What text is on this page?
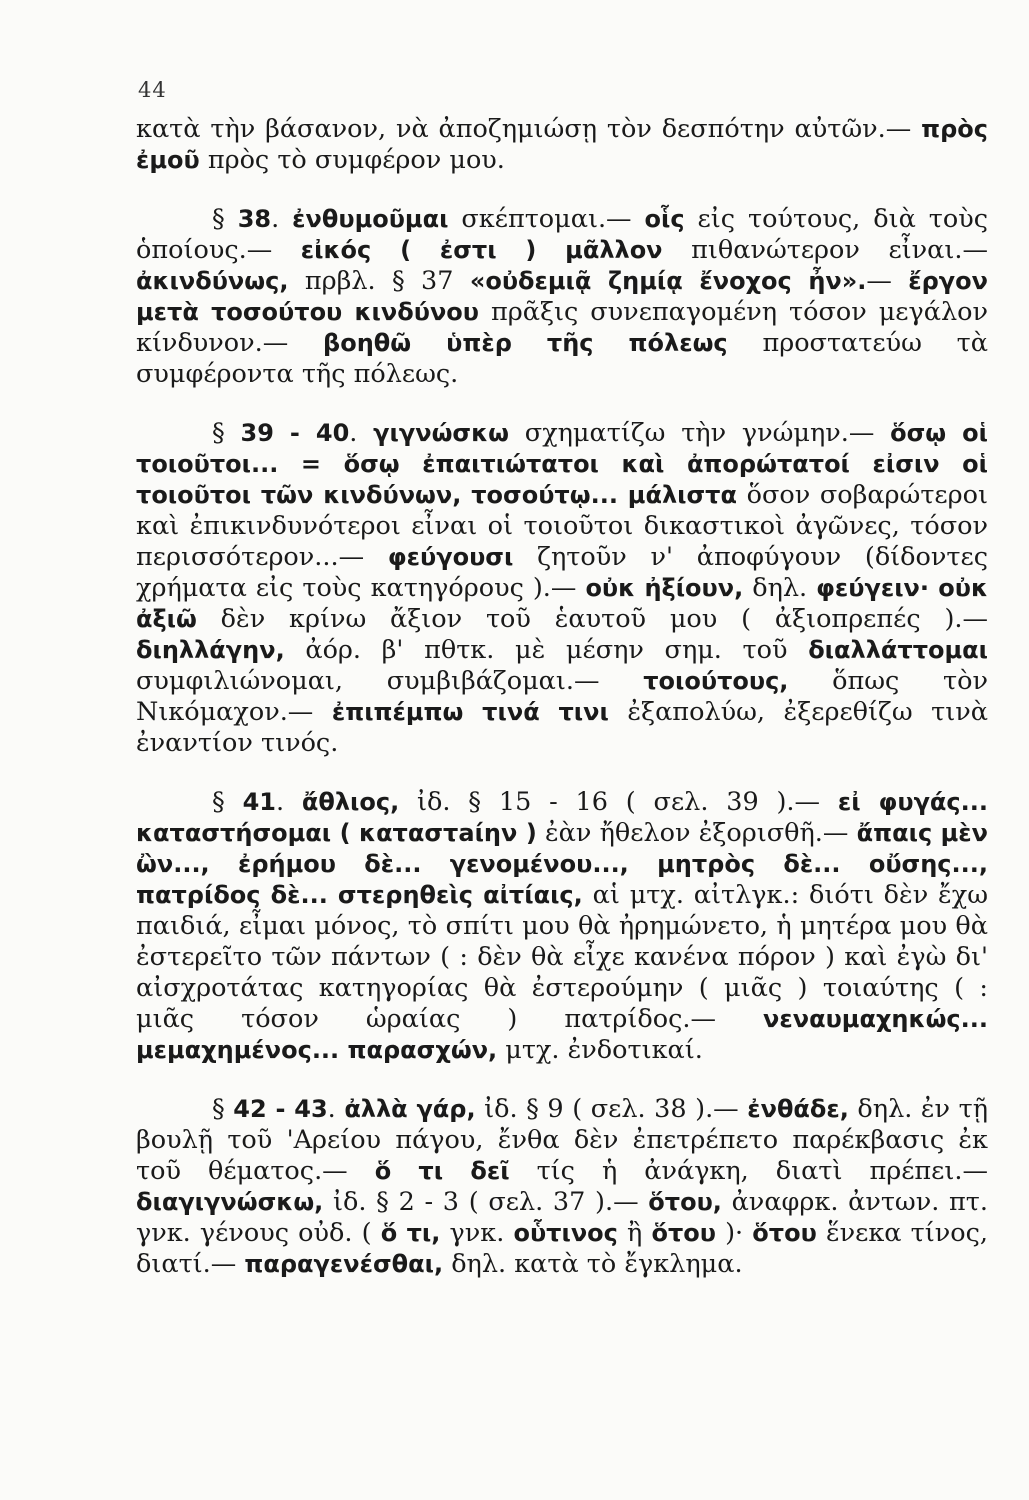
44

κατὰ τὴν βάσανον, νὰ ἀποζημιώσῃ τὸν δεσπότην αὐτῶν.— πρὸς ἐμοῦ πρὸς τὸ συμφέρον μου.

§ 38. ἐνθυμοῦμαι σκέπτομαι.— οἷς εἰς τούτους, διὰ τοὺς ὁποίους.— εἰκός ( ἐστι ) μᾶλλον πιθανώτερον εἶναι.— ἀκινδύνως, πρβλ. § 37 «οὐδεμιᾷ ζημίᾳ ἔνοχος ἦν».— ἔργον μετὰ τοσούτου κινδύνου πρᾶξις συνεπαγομένη τόσον μεγάλον κίνδυνον.— βοηθῶ ὑπὲρ τῆς πόλεως προστατεύω τὰ συμφέροντα τῆς πόλεως.

§ 39 - 40. γιγνώσκω σχηματίζω τὴν γνώμην.— ὅσῳ οἱ τοιοῦτοι... = ὅσῳ ἐπαιτιώτατοι καὶ ἀπορώτατοί εἰσιν οἱ τοιοῦτοι τῶν κινδύνων, τοσούτῳ... μάλιστα ὅσον σοβαρώτεροι καὶ ἐπικινδυνότεροι εἶναι οἱ τοιοῦτοι δικαστικοὶ ἀγῶνες, τόσον περισσότερον...— φεύγουσι ζητοῦν ν' ἀποφύγουν (δίδοντες χρήματα εἰς τοὺς κατηγόρους ).— οὐκ ἠξίουν, δηλ. φεύγειν· οὐκ ἀξιῶ δὲν κρίνω ἄξιον τοῦ ἑαυτοῦ μου ( ἀξιοπρεπές ).— διηλλάγην, ἀόρ. β' πθτκ. μὲ μέσην σημ. τοῦ διαλλάττομαι συμφιλιώνομαι, συμβιβάζομαι.— τοιούτους, ὅπως τὸν Νικόμαχον.— ἐπιπέμπω τινά τινι ἐξαπολύω, ἐξερεθίζω τινὰ ἐναντίον τινός.

§ 41. ἄθλιος, ἰδ. § 15 - 16 ( σελ. 39 ).— εἰ φυγάς... καταστήσομαι ( καταστaίην ) ἐὰν ἤθελον ἐξορισθῆ.— ἄπαις μὲν ὢν..., ἐρήμου δὲ... γενομένου..., μητρὸς δὲ... οὔσης..., πατρίδος δὲ... στερηθεὶς αἰτίαις, αἱ μτχ. αἰτλγκ.: διότι δὲν ἔχω παιδιά, εἶμαι μόνος, τὸ σπίτι μου θὰ ἠρημώνετο, ἡ μητέρα μου θὰ ἐστερεῖτο τῶν πάντων ( : δὲν θὰ εἶχε κανένα πόρον ) καὶ ἐγὼ δι' αἰσχροτάτας κατηγορίας θὰ ἐστερούμην ( μιᾶς ) τοιαύτης ( : μιᾶς τόσον ὡραίας ) πατρίδος.— νεναυμαχηκώς... μεμαχημένος... παρασχών, μτχ. ἐνδοτικαί.

§ 42 - 43. ἀλλὰ γάρ, ἰδ. § 9 ( σελ. 38 ).— ἐνθάδε, δηλ. ἐν τῇ βουλῇ τοῦ 'Αρείου πάγου, ἔνθα δὲν ἐπετρέπετο παρέκβασις ἐκ τοῦ θέματος.— ὅ τι δεῖ τίς ἡ ἀνάγκη, διατὶ πρέπει.— διαγιγνώσκω, ἰδ. § 2 - 3 ( σελ. 37 ).— ὅτου, ἀναφρκ. ἀντων. πτ. γνκ. γένους οὐδ. ( ὅ τι, γνκ. οὗτινος ἢ ὅτου )· ὅτου ἕνεκα τίνος, διατί.— παραγενέσθαι, δηλ. κατὰ τὸ ἔγκλημα.
